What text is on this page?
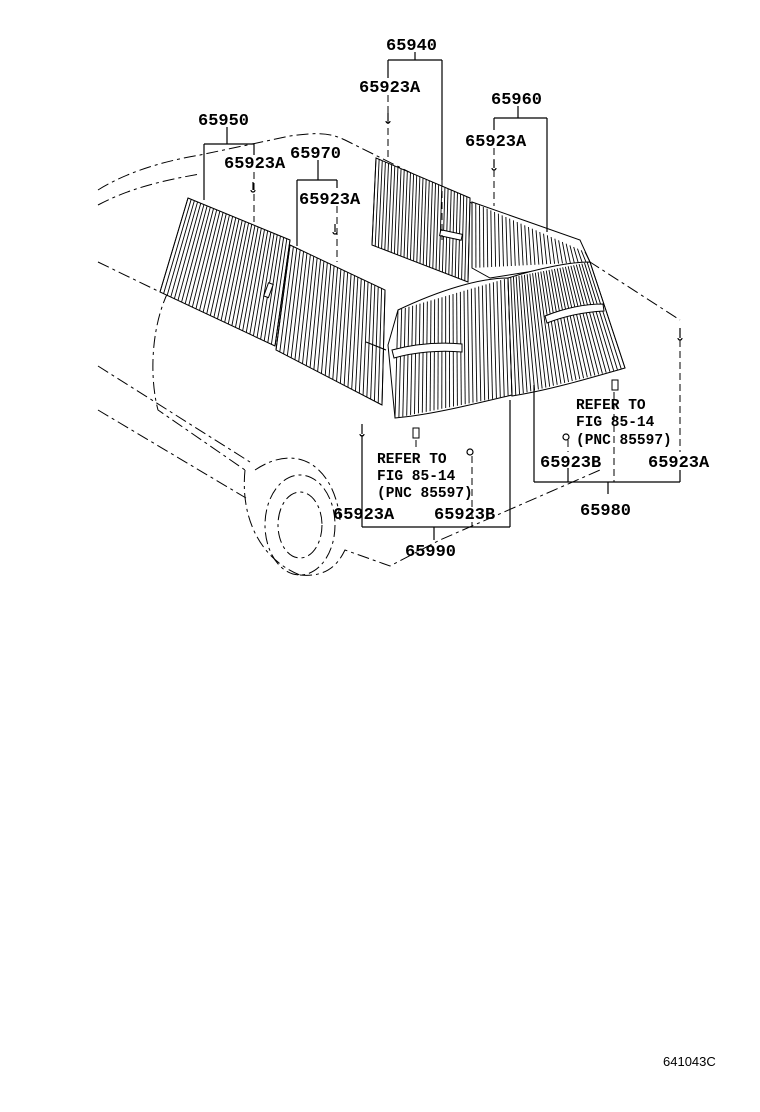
65940
65923A
65960
65923A
65950
65923A
65970
65923A
65923A 65923B
65990
65923B	65923A
65980
REFER TO
FIG 85-14
(PNC 85597)
REFER TO
FIG 85-14
(PNC 85597)
641043C
